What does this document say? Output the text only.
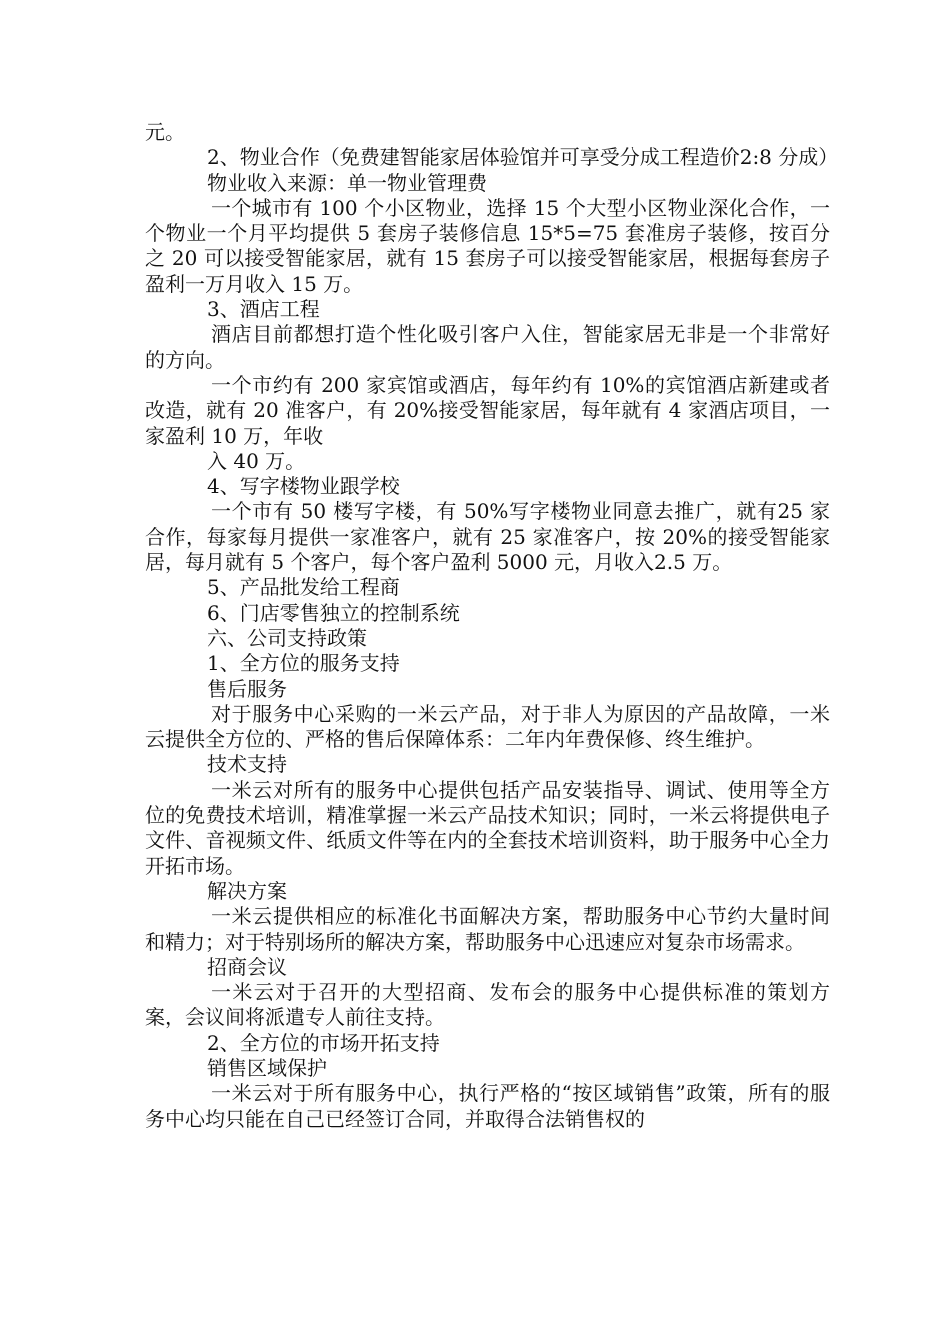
元。

2、物业合作（免费建智能家居体验馆并可享受分成工程造价2:8 分成）

物业收入来源：单一物业管理费

一个城市有 100 个小区物业，选择 15 个大型小区物业深化合作，一个物业一个月平均提供 5 套房子装修信息 15*5=75 套准房子装修，按百分之 20 可以接受智能家居，就有 15 套房子可以接受智能家居，根据每套房子盈利一万月收入 15 万。

3、酒店工程

酒店目前都想打造个性化吸引客户入住，智能家居无非是一个非常好的方向。

一个市约有 200 家宾馆或酒店，每年约有 10%的宾馆酒店新建或者改造，就有 20 准客户，有 20%接受智能家居，每年就有 4 家酒店项目，一家盈利 10 万，年收

入 40 万。

4、写字楼物业跟学校

一个市有 50 楼写字楼，有 50%写字楼物业同意去推广，就有25 家合作，每家每月提供一家准客户，就有 25 家准客户，按 20%的接受智能家居，每月就有 5 个客户，每个客户盈利 5000 元，月收入2.5 万。

5、产品批发给工程商

6、门店零售独立的控制系统

六、公司支持政策

1、全方位的服务支持

售后服务

对于服务中心采购的一米云产品，对于非人为原因的产品故障，一米云提供全方位的、严格的售后保障体系：二年内年费保修、终生维护。

技术支持

一米云对所有的服务中心提供包括产品安装指导、调试、使用等全方位的免费技术培训，精准掌握一米云产品技术知识；同时，一米云将提供电子文件、音视频文件、纸质文件等在内的全套技术培训资料，助于服务中心全力开拓市场。

解决方案

一米云提供相应的标准化书面解决方案，帮助服务中心节约大量时间和精力；对于特别场所的解决方案，帮助服务中心迅速应对复杂市场需求。

招商会议

一米云对于召开的大型招商、发布会的服务中心提供标准的策划方案，会议间将派遣专人前往支持。

2、全方位的市场开拓支持

销售区域保护

一米云对于所有服务中心，执行严格的“按区域销售”政策，所有的服务中心均只能在自己已经签订合同，并取得合法销售权的
